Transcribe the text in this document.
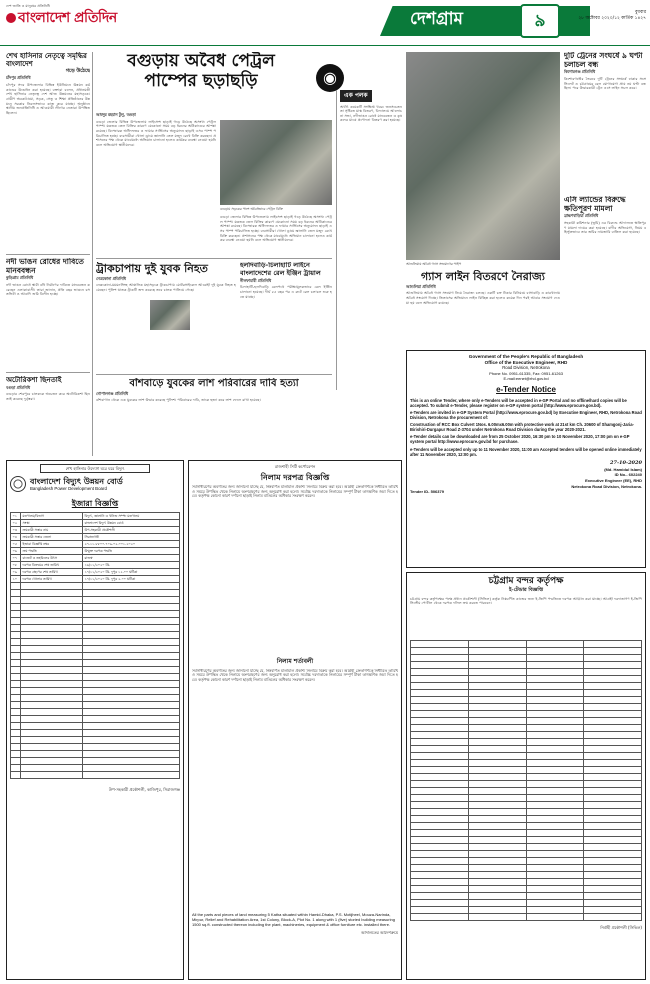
দেশ জাতি ও মানুষের প্রতিনিধি
বাংলাদেশ প্রতিদিন	দেশগ্রাম	৯	বুধবার
২৮ অক্টোবর ২০২০/১২ কার্তিক ১৪২৭
শেখ হাসিনার নেতৃত্বে সমৃদ্ধির বাংলাদেশ
গড়ে উঠেছে
চাঁদপুর প্রতিনিধি
চাঁদপুর সদর উপজেলার বিভিন্ন ইউনিয়নে উন্নয়ন কর্মকাণ্ডের উদ্বোধন করা হয়েছে। বক্তারা বলেন, প্রধানমন্ত্রী শেখ হাসিনার নেতৃত্বে দেশ আজ উন্নয়নের মহাসড়কে। গ্রামীণ অবকাঠামো, সড়ক, সেতু ও শিক্ষা প্রতিষ্ঠানের উন্নয়নে সরকার নিরলসভাবে কাজ করে যাচ্ছে। অনুষ্ঠানে স্থানীয় জনপ্রতিনিধি ও আওয়ামী লীগের নেতারা উপস্থিত ছিলেন।
নদী ভাঙন রোধের দাবিতে মানববন্ধন
কুড়িগ্রাম প্রতিনিধি
নদী ভাঙন রোধে স্থায়ী বাঁধ নির্মাণের দাবিতে মানববন্ধন করেছেন এলাকাবাসী। তারা জানান, প্রতি বছর ভাঙনে বসতভিটা ও আবাদি জমি বিলীন হচ্ছে।
অটোরিকশা ছিনতাই
বগুড়া প্রতিনিধি
বগুড়ার শেরপুরে চালককে অচেতন করে অটোরিকশা ছিনতাই করেছে দুর্বৃত্তরা।
বগুড়ায় অবৈধ পেট্রল
পাম্পের ছড়াছড়ি	◉
আবদুর রহমান টুলু, বগুড়া
বগুড়া জেলার বিভিন্ন উপজেলায় লাইসেন্স ছাড়াই গড়ে উঠেছে অসংখ্য পেট্রল পাম্প। যত্রতত্র তেল বিক্রির কারণে যেকোনো সময় বড় ধরনের অগ্নিকাণ্ডের আশঙ্কা রয়েছে। বিস্ফোরক অধিদফতর ও ফায়ার সার্ভিসের অনুমোদন ছাড়াই এসব পাম্প পরিচালিত হচ্ছে। ব্যবসায়ীরা খোলা ড্রামে জ্বালানি তেল মজুদ রেখে বিক্রি করছেন। প্রশাসনের পক্ষ থেকে মাঝেমধ্যে অভিযান চালানো হলেও কার্যকর ব্যবস্থা নেওয়া হয়নি বলে অভিযোগ স্থানীয়দের।
বগুড়ায় সড়কের পাশে অবৈধভাবে পেট্রল বিক্রি
বগুড়া জেলার বিভিন্ন উপজেলায় লাইসেন্স ছাড়াই গড়ে উঠেছে অসংখ্য পেট্রল পাম্প। যত্রতত্র তেল বিক্রির কারণে যেকোনো সময় বড় ধরনের অগ্নিকাণ্ডের আশঙ্কা রয়েছে। বিস্ফোরক অধিদফতর ও ফায়ার সার্ভিসের অনুমোদন ছাড়াই এসব পাম্প পরিচালিত হচ্ছে। ব্যবসায়ীরা খোলা ড্রামে জ্বালানি তেল মজুদ রেখে বিক্রি করছেন। প্রশাসনের পক্ষ থেকে মাঝেমধ্যে অভিযান চালানো হলেও কার্যকর ব্যবস্থা নেওয়া হয়নি বলে অভিযোগ স্থানীয়দের।
ট্রাকচাপায় দুই যুবক নিহত
নেত্রকোনা প্রতিনিধি
নেত্রকোনা-ময়মনসিংহ আঞ্চলিক মহাসড়কে ট্রাকচাপায় মোটরসাইকেল আরোহী দুই যুবক নিহত হয়েছেন। পুলিশ ঘাতক ট্রাকটি জব্দ করেছে তবে চালক পালিয়ে গেছে।
হলদিবাড়ি-চিলাহাটি লাইনে বাংলাদেশের রেল ইঞ্জিন ট্রায়াল
নীলফামারী প্রতিনিধি
চিলাহাটি-হলদিবাড়ি রেলপথে পরীক্ষামূলকভাবে রেল ইঞ্জিন চালানো হয়েছে। দীর্ঘ ৫৫ বছর পর এ রুটে রেল চলাচল শুরু হতে যাচ্ছে।
বাঁশবাড়ে যুবকের লাশ পরিবারের দাবি হত্যা
গোপালগঞ্জ প্রতিনিধি
বাঁশবাগান থেকে এক যুবকের লাশ উদ্ধার করেছে পুলিশ। পরিবারের দাবি, তাকে হত্যা করে লাশ ফেলে রাখা হয়েছে।
এক পলক
অর্থাৎ কয়েকটি সংক্ষিপ্ত খবর: জনসচেতনতা সৃষ্টিতে মাস্ক বিতরণ, বিদ্যালয়ে আলোচনা সভা, নদীভাঙন রোধে মানববন্ধন ও কৃষকদের মাঝে প্রণোদনা বিতরণ করা হয়েছে।
দুটি ট্রেনের সংঘর্ষে ৯ ঘণ্টা চলাচল বন্ধ
কিশোরগঞ্জ প্রতিনিধি
কিশোরগঞ্জের ভৈরবে দুটি ট্রেনের সংঘর্ষে ঢাকার সঙ্গে সিলেট ও চট্টগ্রামের রেল যোগাযোগ প্রায় নয় ঘণ্টা বন্ধ ছিল। পরে উদ্ধারকারী ট্রেন এসে লাইন সচল করে।
আশুলিয়ায় অবৈধ গ্যাস সংযোগের পাইপ
গ্যাস লাইন বিতরণে নৈরাজ্য
আশুলিয়া প্রতিনিধি
আশুলিয়ায় অবৈধ গ্যাস সংযোগ নিয়ে নৈরাজ্য চলছে। একটি চক্র টাকার বিনিময়ে বাসাবাড়ি ও কারখানায় অবৈধ সংযোগ দিচ্ছে। তিতাসের অভিযানে লাইন বিচ্ছিন্ন করা হলেও কয়েক দিন পরই আবার সংযোগ দেওয়া হয় বলে অভিযোগ রয়েছে।
এসি ল্যান্ডের বিরুদ্ধে ক্ষতিপূরণ মামলা
ব্রাহ্মণবাড়িয়া প্রতিনিধি
সহকারী কমিশনার (ভূমি) এর বিরুদ্ধে আদালতে ক্ষতিপূরণ মামলা দায়ের করা হয়েছে। বাদীর অভিযোগ, নিয়ম বহির্ভূতভাবে তার জমির নামজারি বাতিল করা হয়েছে।
Government of the People's Republic of Bangladesh
Office of the Executive Engineer, RHD
Road Division, Netrokona
Phone No. 0951-61335, Fax: 0951-61263
E-mail:eenet@rhd.gov.bd
e-Tender Notice
This is an online Tender, where only e-Tenders will be accepted in e-GP Portal and no offline/hard copies will be accepted. To submit e-Tender, please register on e-GP system portal (http://www.eprocure.gov.bd).
e-Tenders are invited in e-GP System Portal (http://www.eprocure.gov.bd) by Executive Engineer, RHD, Netrokona Road Division, Netrokona the procurement of:
Construction of RCC Box Culvert 1Nos. 6.00mx6.00m with protective work at 21st km Ch. 20600 of Shamgonj-Jaria-Birishiri-Durgapur Road Z-3704 under Netrokona Road Division during the year 2020-2021.
e-Tender details can be downloaded are from 25 October 2020, 16:30 pm to 10 November 2020, 17:00 pm on e-GP system portal http://www.eprocure.gov.bd for purchase.
e-Tenders will be accepted only up to 11 November 2020, 11:00 am Accepted tenders will be opened online immediately after 11 November 2020, 12:00 pm.
27-10-2020
(Md. Hamidul Islam)
ID No.- 602240
Executive Engineer (EE), RHD
Netrokona Road Division, Netrokona.
Tender ID- 506379
শেখ হাসিনার উদ্যোগ ঘরে ঘরে বিদ্যুৎ
বাংলাদেশ বিদ্যুৎ উন্নয়ন বোর্ড
Bangladesh Power Development Board
ইজারা বিজ্ঞপ্তি
০১	মন্ত্রণালয়/বিভাগ	বিদ্যুৎ, জ্বালানি ও খনিজ সম্পদ মন্ত্রণালয়
০২	সংস্থা	বাংলাদেশ বিদ্যুৎ উন্নয়ন বোর্ড
০৩	ক্রয়কারী সত্তার নাম	উপ-সহকারী প্রকৌশলী
০৪	ক্রয়কারী সত্তার জেলা	সিরাজগঞ্জ
০৫	ইজারা বিজ্ঞপ্তি নম্বর	২৭.১১.৮৮০০.৭০৯.০২.০০১.২০২০
০৬	ক্রয় পদ্ধতি	উন্মুক্ত দরপত্র পদ্ধতি
০৭	বাজেট ও তহবিলের উৎস	রাজস্ব
০৮	দরপত্র বিক্রয়ের শেষ তারিখ	১৬/১১/২০২০ খ্রি.
০৯	দরপত্র গ্রহণের শেষ তারিখ	১৭/১১/২০২০ খ্রি. দুপুর ১২.০০ ঘটিকা
১০	দরপত্র খোলার তারিখ	১৭/১১/২০২০ খ্রি. দুপুর ২.০০ ঘটিকা

উপ-সহকারী প্রকৌশলী, কাজিপুর, সিরাজগঞ্জ
রাজশাহী সিটি কর্পোরেশন
নিলাম দরপত্র বিজ্ঞপ্তি
সর্বসাধারণের অবগতির জন্য জানানো যাচ্ছে যে, নিম্নবর্ণিত মালামাল প্রকাশ্য নিলামে বিক্রয় করা হবে। আগ্রহী ক্রেতাগণকে নির্ধারিত তারিখ ও সময়ে উপস্থিত থেকে নিলামে অংশগ্রহণের জন্য অনুরোধ করা হলো। সর্বোচ্চ দরদাতাকে নিলামের সম্পূর্ণ টাকা তাৎক্ষণিক জমা দিতে হবে। কর্তৃপক্ষ কোনো কারণ দর্শানো ছাড়াই নিলাম বাতিলের অধিকার সংরক্ষণ করেন।
নিলাম শর্তাবলী
সর্বসাধারণের অবগতির জন্য জানানো যাচ্ছে যে, নিম্নবর্ণিত মালামাল প্রকাশ্য নিলামে বিক্রয় করা হবে। আগ্রহী ক্রেতাগণকে নির্ধারিত তারিখ ও সময়ে উপস্থিত থেকে নিলামে অংশগ্রহণের জন্য অনুরোধ করা হলো। সর্বোচ্চ দরদাতাকে নিলামের সম্পূর্ণ টাকা তাৎক্ষণিক জমা দিতে হবে। কর্তৃপক্ষ কোনো কারণ দর্শানো ছাড়াই নিলাম বাতিলের অধিকার সংরক্ষণ করেন।
All the parts and pieces of land measuring 5 Katha situated within Hamid-Dhaka, P.S. Motijheel, Mouza-Narinda, Mirpur, Relief and Rehabilitation Area, 1st Colony, Block-A, Plot No. 1 along with 1 (five) storied building measuring 1500 sq.ft. constructed thereon including the plant, machineries, equipment & office furniture etc. installed there.
আদালতের আদেশক্রমে
চট্টগ্রাম বন্দর কর্তৃপক্ষ
ই-টেন্ডার বিজ্ঞপ্তি
চট্টগ্রাম বন্দর কর্তৃপক্ষের পক্ষে প্রধান প্রকৌশলী (সিভিল) কর্তৃক নিম্নবর্ণিত কাজের জন্য ই-জিপি পদ্ধতিতে দরপত্র আহ্বান করা যাচ্ছে। আগ্রহী দরদাতাগণ ই-জিপি সিস্টেম পোর্টাল থেকে দরপত্র দলিল ক্রয় করতে পারবেন।

নির্বাহী প্রকৌশলী (সিভিল)
